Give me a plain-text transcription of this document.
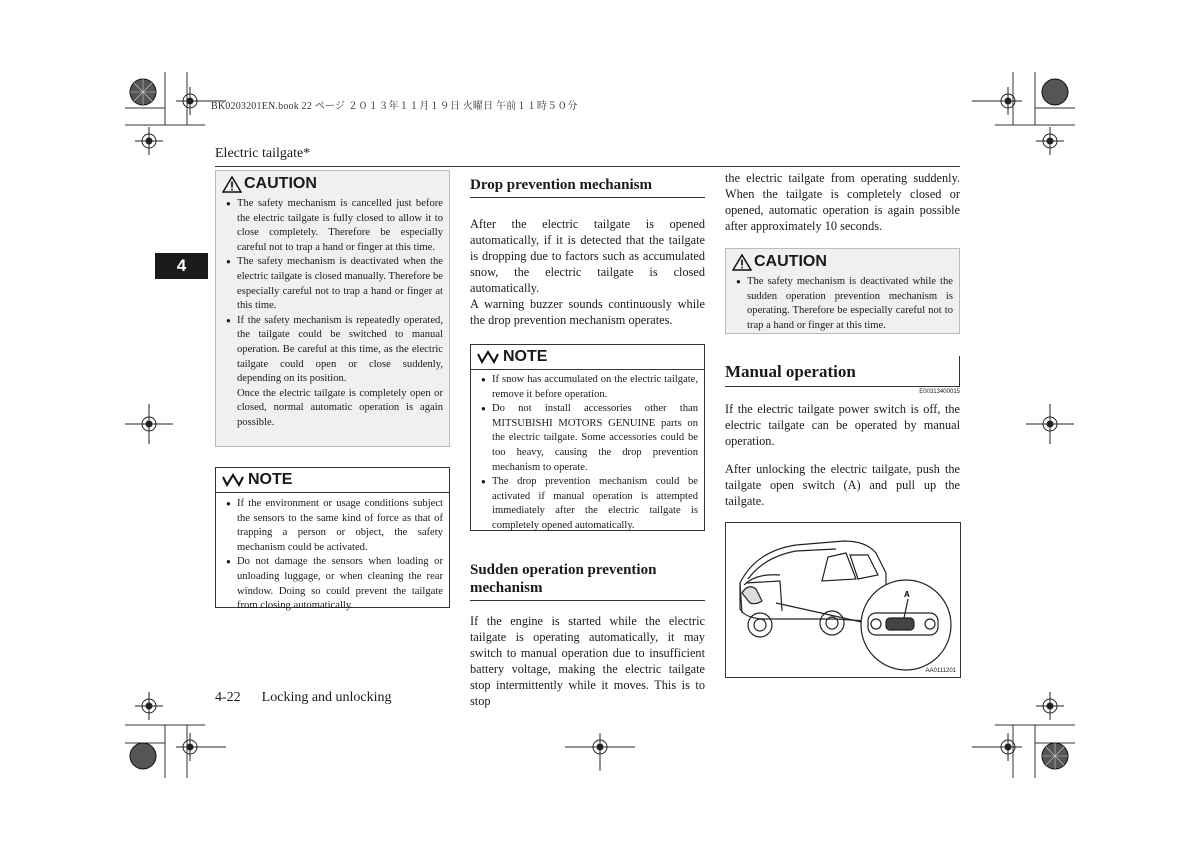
BK0203201EN.book 22 ページ ２０１３年１１月１９日 火曜日 午前１１時５０分
Electric tailgate*
4
CAUTION
● The safety mechanism is cancelled just before the electric tailgate is fully closed to allow it to close completely. Therefore be especially careful not to trap a hand or finger at this time.
● The safety mechanism is deactivated when the electric tailgate is closed manually. Therefore be especially careful not to trap a hand or finger at this time.
● If the safety mechanism is repeatedly operated, the tailgate could be switched to manual operation. Be careful at this time, as the electric tailgate could open or close suddenly, depending on its position.
Once the electric tailgate is completely open or closed, normal automatic operation is again possible.
NOTE
● If the environment or usage conditions subject the sensors to the same kind of force as that of trapping a person or object, the safety mechanism could be activated.
● Do not damage the sensors when loading or unloading luggage, or when cleaning the rear window. Doing so could prevent the tailgate from closing automatically.
Drop prevention mechanism

After the electric tailgate is opened automatically, if it is detected that the tailgate is dropping due to factors such as accumulated snow, the electric tailgate is closed automatically.

A warning buzzer sounds continuously while the drop prevention mechanism operates.

NOTE
● If snow has accumulated on the electric tailgate, remove it before operation.
● Do not install accessories other than MITSUBISHI MOTORS GENUINE parts on the electric tailgate. Some accessories could be too heavy, causing the drop prevention mechanism to operate.
● The drop prevention mechanism could be activated if manual operation is attempted immediately after the electric tailgate is completely opened automatically.
Sudden operation prevention mechanism

If the engine is started while the electric tailgate is operating automatically, it may switch to manual operation due to insufficient battery voltage, making the electric tailgate stop intermittently while it moves. This is to stop

the electric tailgate from operating suddenly. When the tailgate is completely closed or opened, automatic operation is again possible after approximately 10 seconds.

CAUTION
● The safety mechanism is deactivated while the sudden operation prevention mechanism is operating. Therefore be especially careful not to trap a hand or finger at this time.
Manual operation
E00313400015

If the electric tailgate power switch is off, the electric tailgate can be operated by manual operation.

After unlocking the electric tailgate, push the tailgate open switch (A) and pull up the tailgate.

A
AA0111201
4-22 Locking and unlocking
